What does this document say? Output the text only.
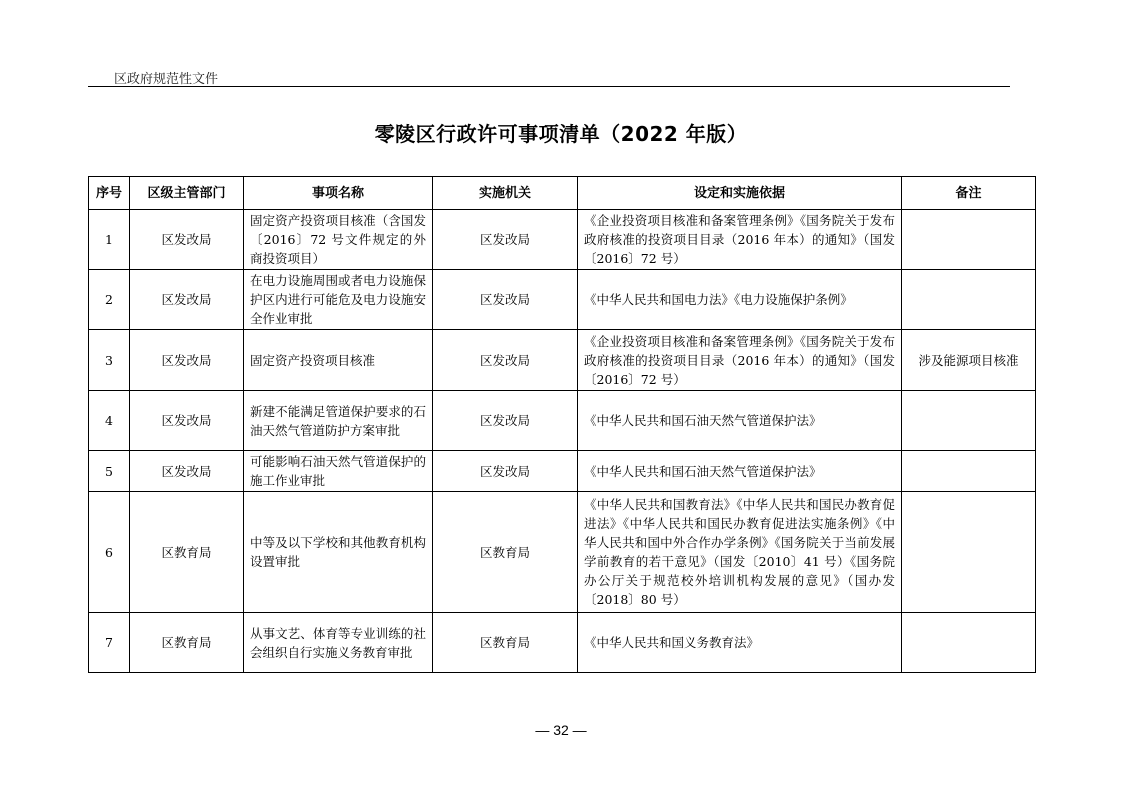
区政府规范性文件
零陵区行政许可事项清单（2022 年版）
序号	区级主管部门	事项名称	实施机关	设定和实施依据	备注
1	区发改局	固定资产投资项目核准（含国发〔2016〕72 号文件规定的外商投资项目）	区发改局	《企业投资项目核准和备案管理条例》《国务院关于发布政府核准的投资项目目录（2016 年本）的通知》（国发〔2016〕72 号）	
2	区发改局	在电力设施周围或者电力设施保护区内进行可能危及电力设施安全作业审批	区发改局	《中华人民共和国电力法》《电力设施保护条例》	
3	区发改局	固定资产投资项目核准	区发改局	《企业投资项目核准和备案管理条例》《国务院关于发布政府核准的投资项目目录（2016 年本）的通知》（国发〔2016〕72 号）	涉及能源项目核准
4	区发改局	新建不能满足管道保护要求的石油天然气管道防护方案审批	区发改局	《中华人民共和国石油天然气管道保护法》	
5	区发改局	可能影响石油天然气管道保护的施工作业审批	区发改局	《中华人民共和国石油天然气管道保护法》	
6	区教育局	中等及以下学校和其他教育机构设置审批	区教育局	《中华人民共和国教育法》《中华人民共和国民办教育促进法》《中华人民共和国民办教育促进法实施条例》《中华人民共和国中外合作办学条例》《国务院关于当前发展学前教育的若干意见》（国发〔2010〕41 号）《国务院办公厅关于规范校外培训机构发展的意见》（国办发〔2018〕80 号）	
7	区教育局	从事文艺、体育等专业训练的社会组织自行实施义务教育审批	区教育局	《中华人民共和国义务教育法》	
— 32 —
